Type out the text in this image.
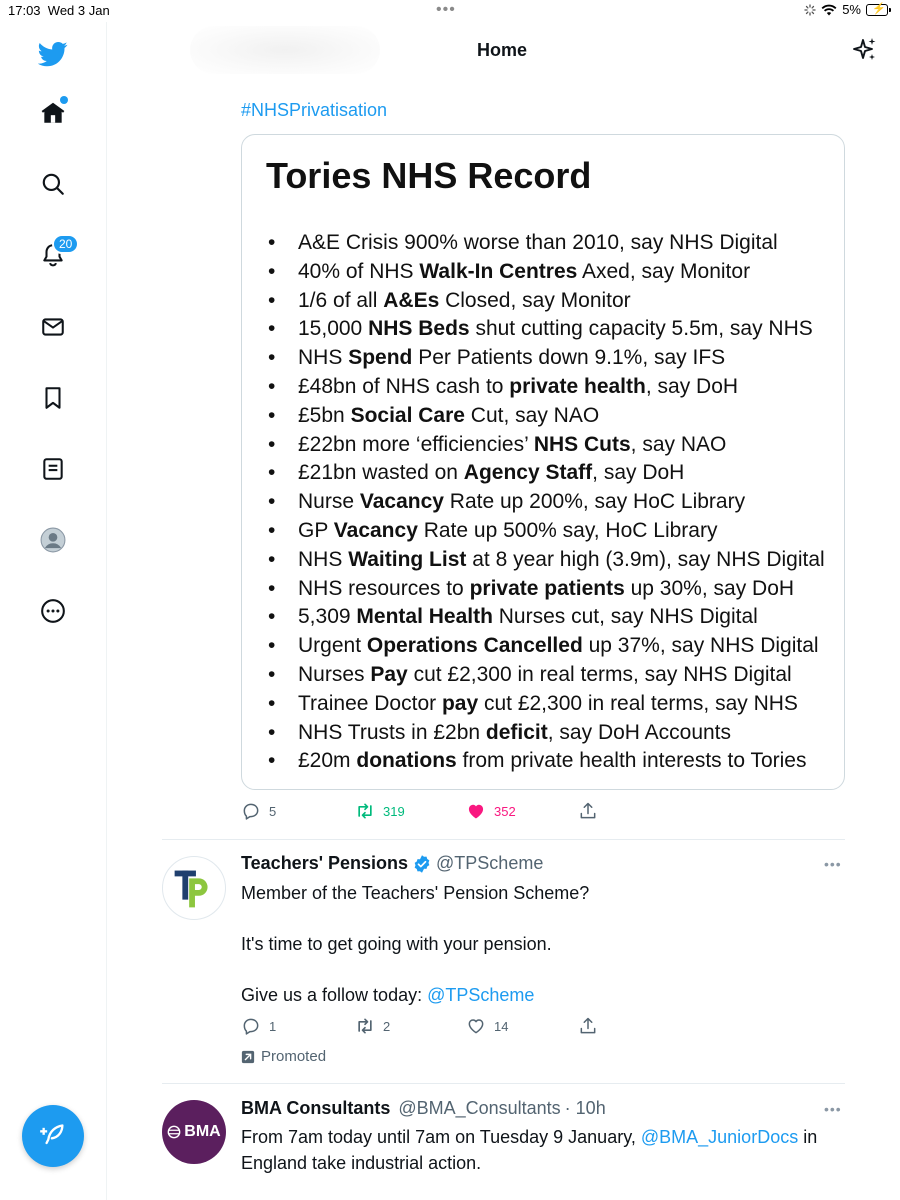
17:03 Wed 3 Jan	•••	5% ⚡
20
Home
#NHSPrivatisation
Tories NHS Record
• A&E Crisis 900% worse than 2010, say NHS Digital
• 40% of NHS Walk-In Centres Axed, say Monitor
• 1/6 of all A&Es Closed, say Monitor
• 15,000 NHS Beds shut cutting capacity 5.5m, say NHS
• NHS Spend Per Patients down 9.1%, say IFS
• £48bn of NHS cash to private health, say DoH
• £5bn Social Care Cut, say NAO
• £22bn more ‘efficiencies’ NHS Cuts, say NAO
• £21bn wasted on Agency Staff, say DoH
• Nurse Vacancy Rate up 200%, say HoC Library
• GP Vacancy Rate up 500% say, HoC Library
• NHS Waiting List at 8 year high (3.9m), say NHS Digital
• NHS resources to private patients up 30%, say DoH
• 5,309 Mental Health Nurses cut, say NHS Digital
• Urgent Operations Cancelled up 37%, say NHS Digital
• Nurses Pay cut £2,300 in real terms, say NHS Digital
• Trainee Doctor pay cut £2,300 in real terms, say NHS
• NHS Trusts in £2bn deficit, say DoH Accounts
• £20m donations from private health interests to Tories
5	319	352
Teachers' Pensions @TPScheme	•••
Member of the Teachers' Pension Scheme?
It's time to get going with your pension.
Give us a follow today: @TPScheme
1	2	14
Promoted
BMA
BMA Consultants @BMA_Consultants · 10h	•••
From 7am today until 7am on Tuesday 9 January, @BMA_JuniorDocs in England take industrial action.
